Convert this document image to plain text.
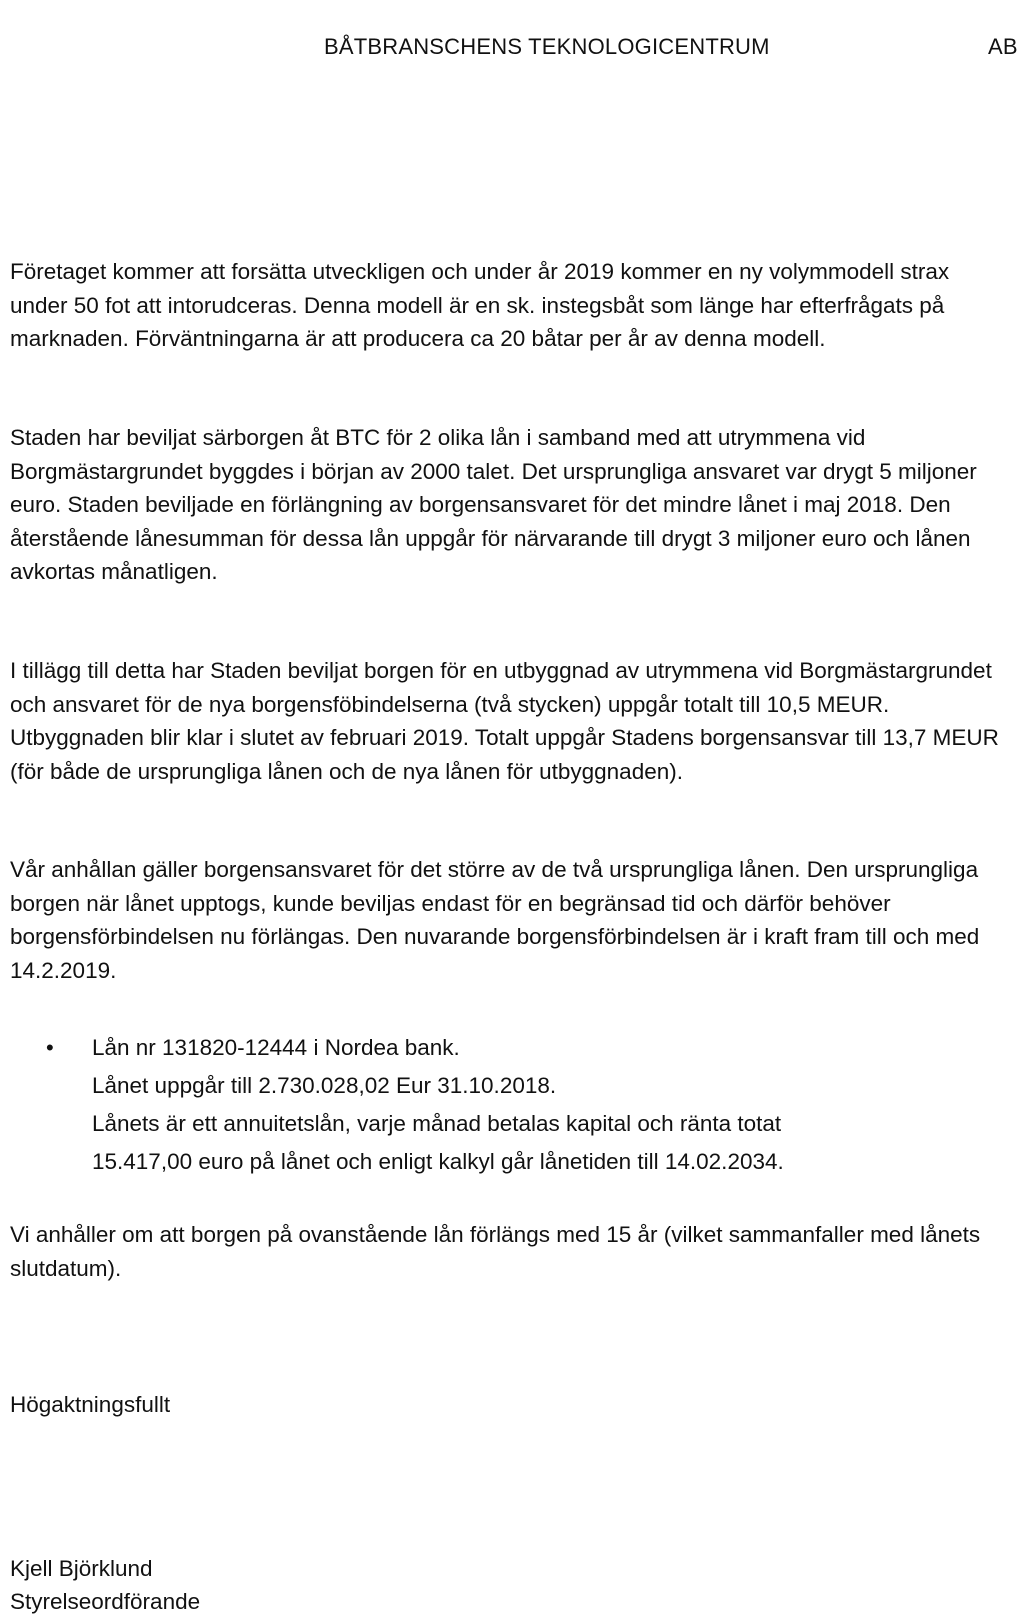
BÅTBRANSCHENS TEKNOLOGICENTRUM	AB

Företaget kommer att forsätta utveckligen och under år 2019 kommer en ny volymmodell strax under 50 fot att intorudceras. Denna modell är en sk. instegsbåt som länge har efterfrågats på marknaden. Förväntningarna är att producera ca 20 båtar per år av denna modell.

Staden har beviljat särborgen åt BTC för 2 olika lån i samband med att utrymmena vid Borgmästargrundet byggdes i början av 2000 talet. Det ursprungliga ansvaret var drygt 5 miljoner euro. Staden beviljade en förlängning av borgensansvaret för det mindre lånet i maj 2018. Den återstående lånesumman för dessa lån uppgår för närvarande till drygt 3 miljoner euro och lånen avkortas månatligen.

I tillägg till detta har Staden beviljat borgen för en utbyggnad av utrymmena vid Borgmästargrundet och ansvaret för de nya borgensföbindelserna (två stycken) uppgår totalt till 10,5 MEUR. Utbyggnaden blir klar i slutet av februari 2019. Totalt uppgår Stadens borgensansvar till 13,7 MEUR (för både de ursprungliga lånen och de nya lånen för utbyggnaden).

Vår anhållan gäller borgensansvaret för det större av de två ursprungliga lånen. Den ursprungliga borgen när lånet upptogs, kunde beviljas endast för en begränsad tid och därför behöver borgensförbindelsen nu förlängas. Den nuvarande borgensförbindelsen är i kraft fram till och med 14.2.2019.

• Lån nr 131820-12444 i Nordea bank.
Lånet uppgår till 2.730.028,02 Eur 31.10.2018.
Lånets är ett annuitetslån, varje månad betalas kapital och ränta totat
15.417,00 euro på lånet och enligt kalkyl går lånetiden till 14.02.2034.

Vi anhåller om att borgen på ovanstående lån förlängs med 15 år (vilket sammanfaller med lånets slutdatum).

Högaktningsfullt
Kjell Björklund
Styrelseordförande
